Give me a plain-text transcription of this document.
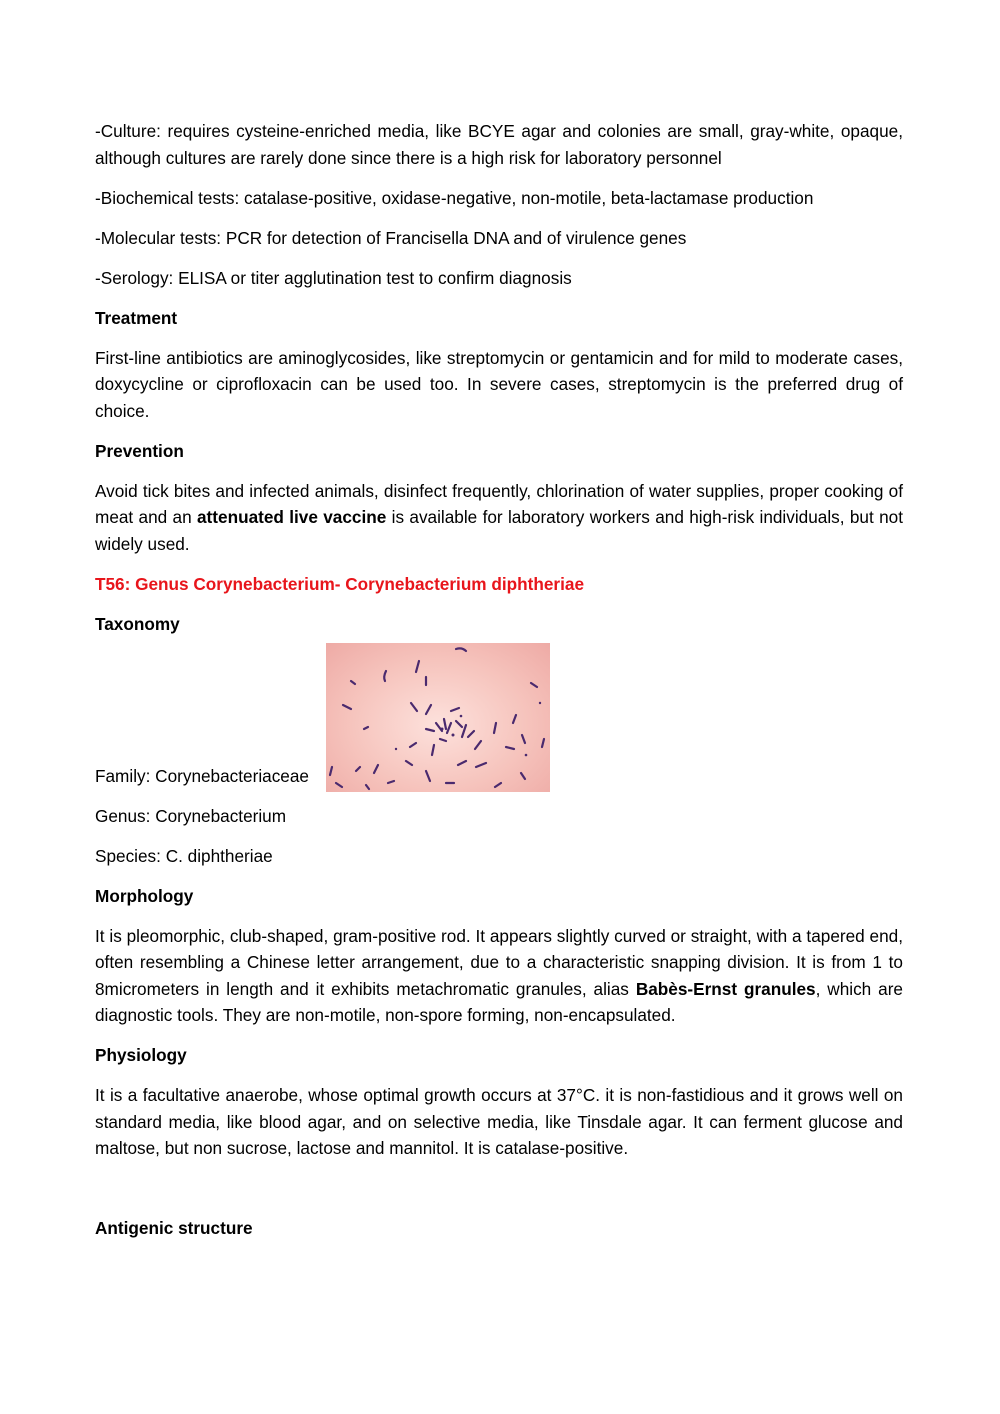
-Culture: requires cysteine-enriched media, like BCYE agar and colonies are small, gray-white, opaque, although cultures are rarely done since there is a high risk for laboratory personnel

-Biochemical tests: catalase-positive, oxidase-negative, non-motile, beta-lactamase production

-Molecular tests: PCR for detection of Francisella DNA and of virulence genes

-Serology: ELISA or titer agglutination test to confirm diagnosis

Treatment

First-line antibiotics are aminoglycosides, like streptomycin or gentamicin and for mild to moderate cases, doxycycline or ciprofloxacin can be used too. In severe cases, streptomycin is the preferred drug of choice.

Prevention

Avoid tick bites and infected animals, disinfect frequently, chlorination of water supplies, proper cooking of meat and an attenuated live vaccine is available for laboratory workers and high-risk individuals, but not widely used.

T56: Genus Corynebacterium- Corynebacterium diphtheriae

Taxonomy

Family: Corynebacteriaceae

Genus: Corynebacterium

Species: C. diphtheriae

Morphology

It is pleomorphic, club-shaped, gram-positive rod. It appears slightly curved or straight, with a tapered end, often resembling a Chinese letter arrangement, due to a characteristic snapping division. It is from 1 to 8micrometers in length and it exhibits metachromatic granules, alias Babès-Ernst granules, which are diagnostic tools. They are non-motile, non-spore forming, non-encapsulated.

Physiology

It is a facultative anaerobe, whose optimal growth occurs at 37°C. it is non-fastidious and it grows well on standard media, like blood agar, and on selective media, like Tinsdale agar. It can ferment glucose and maltose, but non sucrose, lactose and mannitol. It is catalase-positive.

Antigenic structure
